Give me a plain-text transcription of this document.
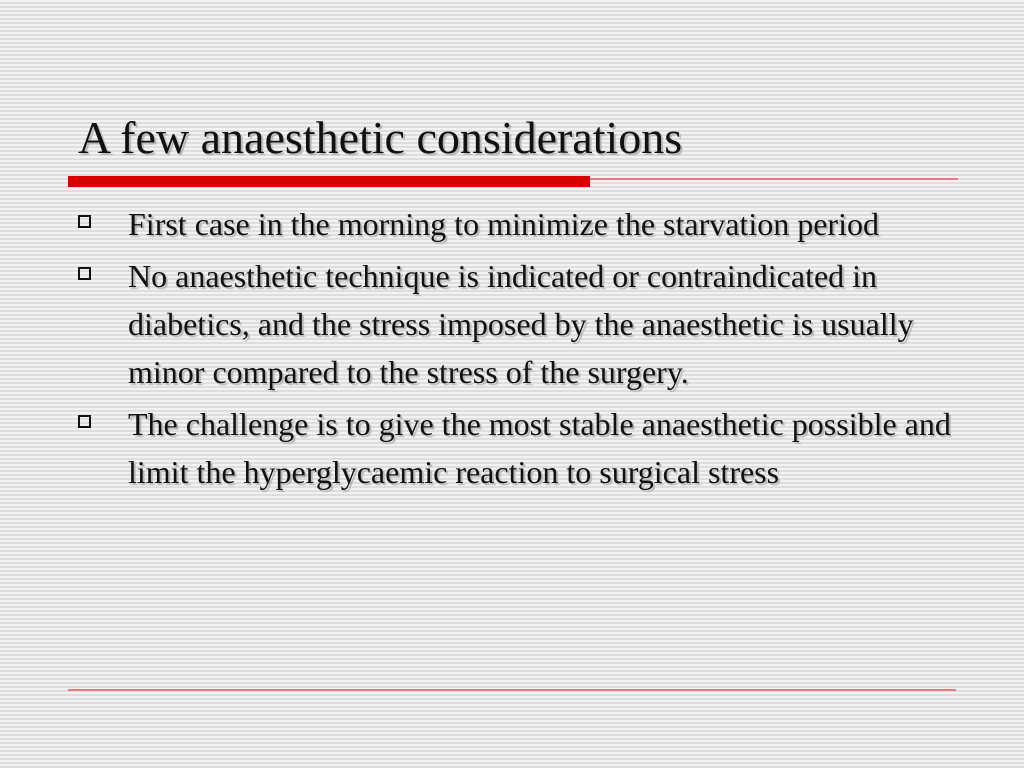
A few anaesthetic considerations
First case in the morning to minimize the starvation period
No anaesthetic technique is indicated or contraindicated in diabetics, and the stress imposed by the anaesthetic is usually minor compared to the stress of the surgery.
The challenge is to give the most stable anaesthetic possible and limit the hyperglycaemic reaction to surgical stress
